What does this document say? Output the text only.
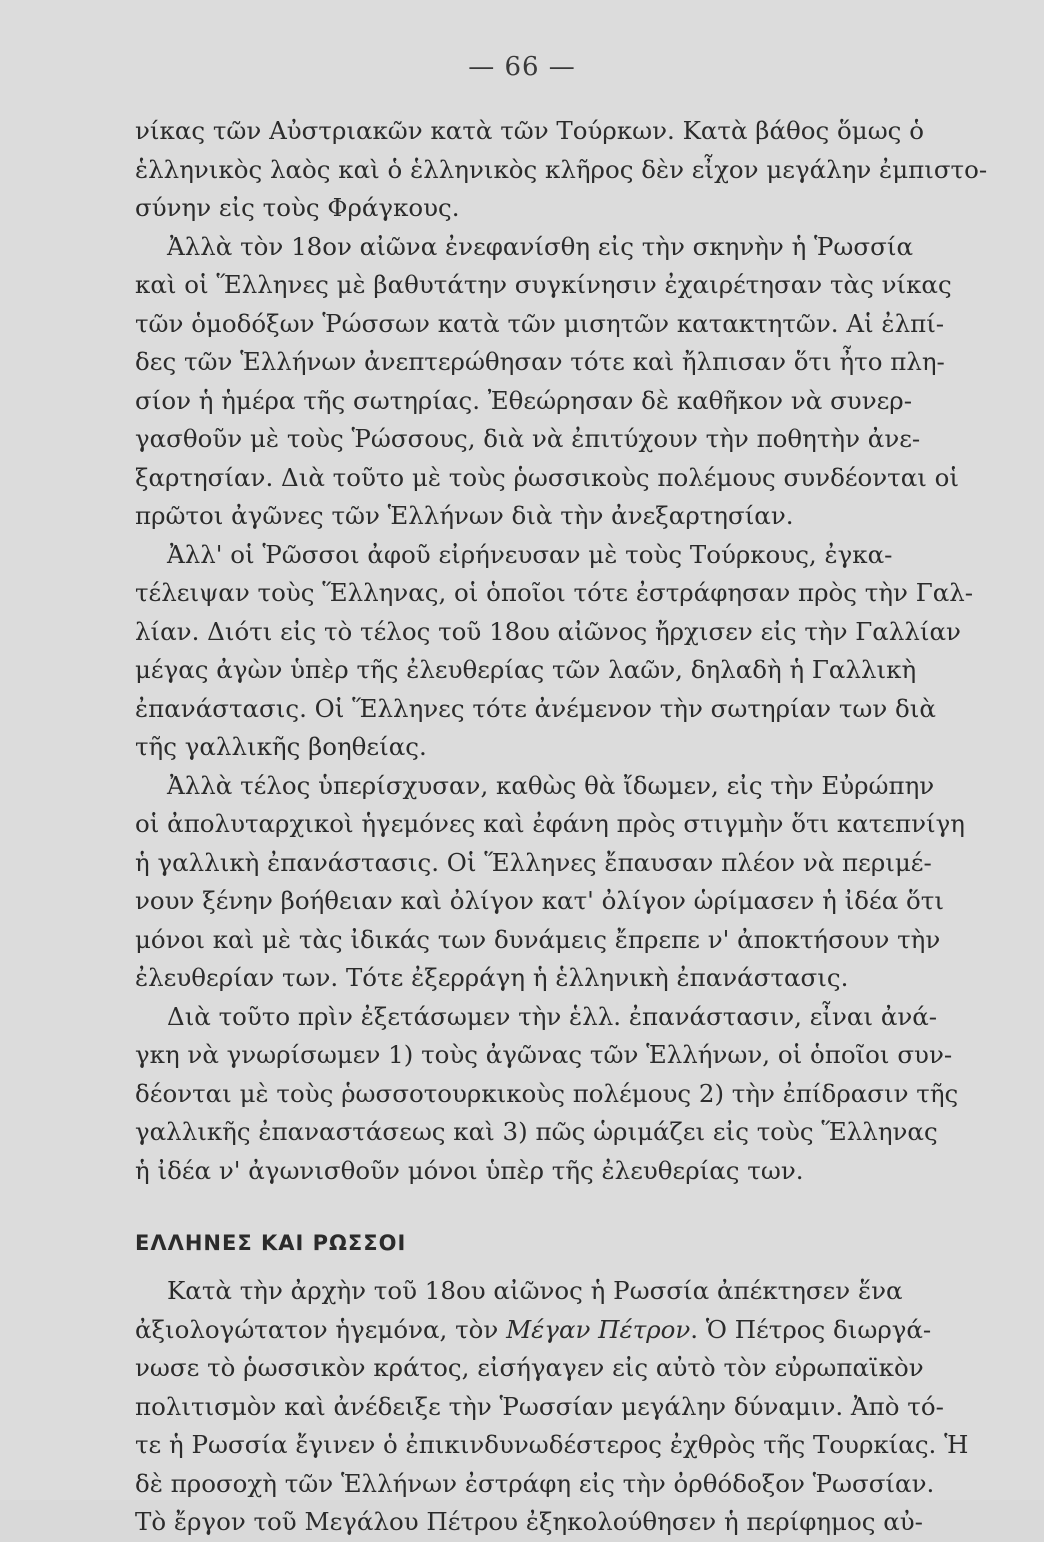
— 66 —
νίκας τῶν Αὐστριακῶν κατὰ τῶν Τούρκων. Κατὰ βάθος ὅμως ὁ
ἑλληνικὸς λαὸς καὶ ὁ ἑλληνικὸς κλῆρος δὲν εἶχον μεγάλην ἐμπιστο-
σύνην εἰς τοὺς Φράγκους.
Ἀλλὰ τὸν 18ον αἰῶνα ἐνεφανίσθη εἰς τὴν σκηνὴν ἡ Ῥωσσία
καὶ οἱ Ἕλληνες μὲ βαθυτάτην συγκίνησιν ἐχαιρέτησαν τὰς νίκας
τῶν ὁμοδόξων Ῥώσσων κατὰ τῶν μισητῶν κατακτητῶν. Αἱ ἐλπί-
δες τῶν Ἑλλήνων ἀνεπτερώθησαν τότε καὶ ἤλπισαν ὅτι ἦτο πλη-
σίον ἡ ἡμέρα τῆς σωτηρίας. Ἐθεώρησαν δὲ καθῆκον νὰ συνερ-
γασθοῦν μὲ τοὺς Ῥώσσους, διὰ νὰ ἐπιτύχουν τὴν ποθητὴν ἀνε-
ξαρτησίαν. Διὰ τοῦτο μὲ τοὺς ῥωσσικοὺς πολέμους συνδέονται οἱ
πρῶτοι ἀγῶνες τῶν Ἑλλήνων διὰ τὴν ἀνεξαρτησίαν.
Ἀλλ' οἱ Ῥῶσσοι ἀφοῦ εἰρήνευσαν μὲ τοὺς Τούρκους, ἐγκα-
τέλειψαν τοὺς Ἕλληνας, οἱ ὁποῖοι τότε ἐστράφησαν πρὸς τὴν Γαλ-
λίαν. Διότι εἰς τὸ τέλος τοῦ 18ου αἰῶνος ἤρχισεν εἰς τὴν Γαλλίαν
μέγας ἀγὼν ὑπὲρ τῆς ἐλευθερίας τῶν λαῶν, δηλαδὴ ἡ Γαλλικὴ
ἐπανάστασις. Οἱ Ἕλληνες τότε ἀνέμενον τὴν σωτηρίαν των διὰ
τῆς γαλλικῆς βοηθείας.
Ἀλλὰ τέλος ὑπερίσχυσαν, καθὼς θὰ ἴδωμεν, εἰς τὴν Εὐρώπην
οἱ ἀπολυταρχικοὶ ἡγεμόνες καὶ ἐφάνη πρὸς στιγμὴν ὅτι κατεπνίγη
ἡ γαλλικὴ ἐπανάστασις. Οἱ Ἕλληνες ἔπαυσαν πλέον νὰ περιμέ-
νουν ξένην βοήθειαν καὶ ὀλίγον κατ' ὀλίγον ὡρίμασεν ἡ ἰδέα ὅτι
μόνοι καὶ μὲ τὰς ἰδικάς των δυνάμεις ἔπρεπε ν' ἀποκτήσουν τὴν
ἐλευθερίαν των. Τότε ἐξερράγη ἡ ἑλληνικὴ ἐπανάστασις.
Διὰ τοῦτο πρὶν ἐξετάσωμεν τὴν ἑλλ. ἐπανάστασιν, εἶναι ἀνά-
γκη νὰ γνωρίσωμεν 1) τοὺς ἀγῶνας τῶν Ἑλλήνων, οἱ ὁποῖοι συν-
δέονται μὲ τοὺς ῥωσσοτουρκικοὺς πολέμους 2) τὴν ἐπίδρασιν τῆς
γαλλικῆς ἐπαναστάσεως καὶ 3) πῶς ὡριμάζει εἰς τοὺς Ἕλληνας
ἡ ἰδέα ν' ἀγωνισθοῦν μόνοι ὑπὲρ τῆς ἐλευθερίας των.
ΕΛΛΗΝΕΣ ΚΑΙ ΡΩΣΣΟΙ
Κατὰ τὴν ἀρχὴν τοῦ 18ου αἰῶνος ἡ Ρωσσία ἀπέκτησεν ἕνα
ἀξιολογώτατον ἡγεμόνα, τὸν Μέγαν Πέτρον. Ὁ Πέτρος διωργά-
νωσε τὸ ῥωσσικὸν κράτος, εἰσήγαγεν εἰς αὐτὸ τὸν εὐρωπαϊκὸν
πολιτισμὸν καὶ ἀνέδειξε τὴν Ῥωσσίαν μεγάλην δύναμιν. Ἀπὸ τό-
τε ἡ Ρωσσία ἔγινεν ὁ ἐπικινδυνωδέστερος ἐχθρὸς τῆς Τουρκίας. Ἡ
δὲ προσοχὴ τῶν Ἑλλήνων ἐστράφη εἰς τὴν ὀρθόδοξον Ῥωσσίαν.
Τὸ ἔργον τοῦ Μεγάλου Πέτρου ἐξηκολούθησεν ἡ περίφημος αὐ-
